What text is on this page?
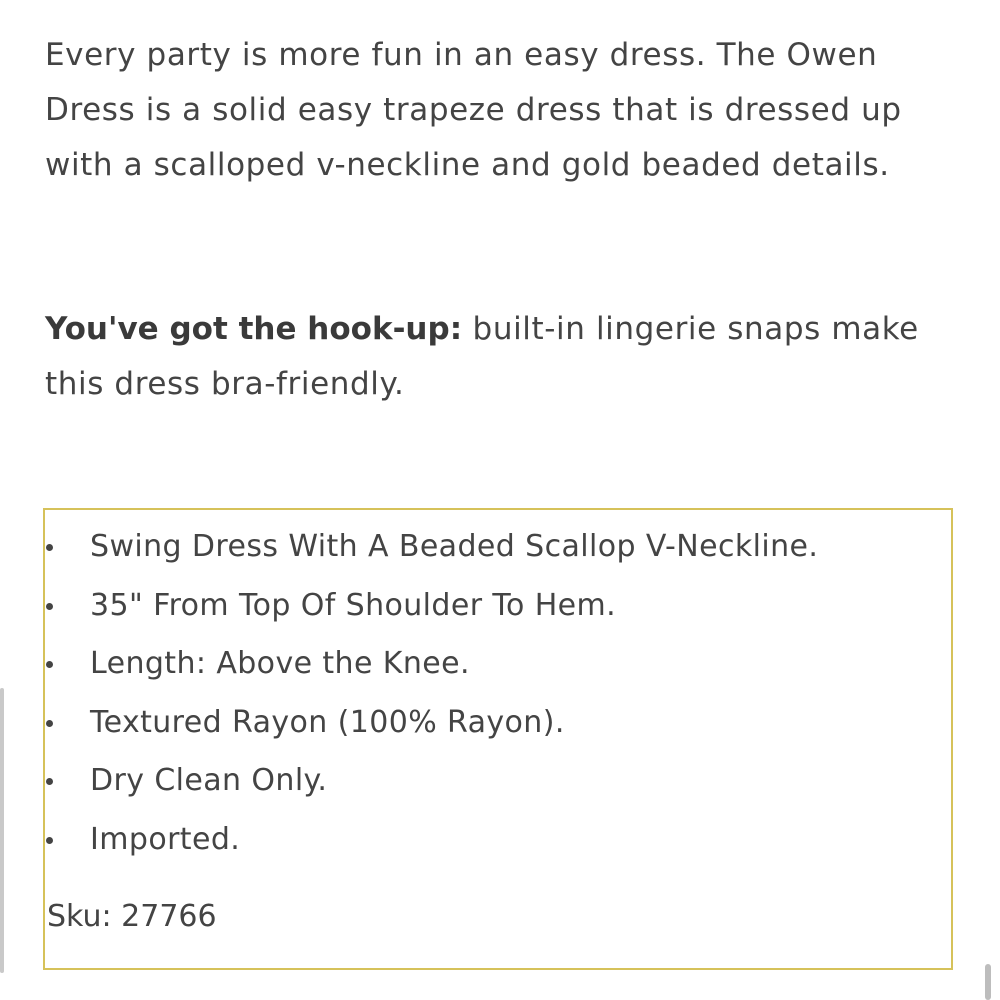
Every party is more fun in an easy dress. The Owen Dress is a solid easy trapeze dress that is dressed up with a scalloped v-neckline and gold beaded details.

You've got the hook-up: built-in lingerie snaps make this dress bra-friendly.

Swing Dress With A Beaded Scallop V-Neckline.
35" From Top Of Shoulder To Hem.
Length: Above the Knee.
Textured Rayon (100% Rayon).
Dry Clean Only.
Imported.
Sku: 27766
